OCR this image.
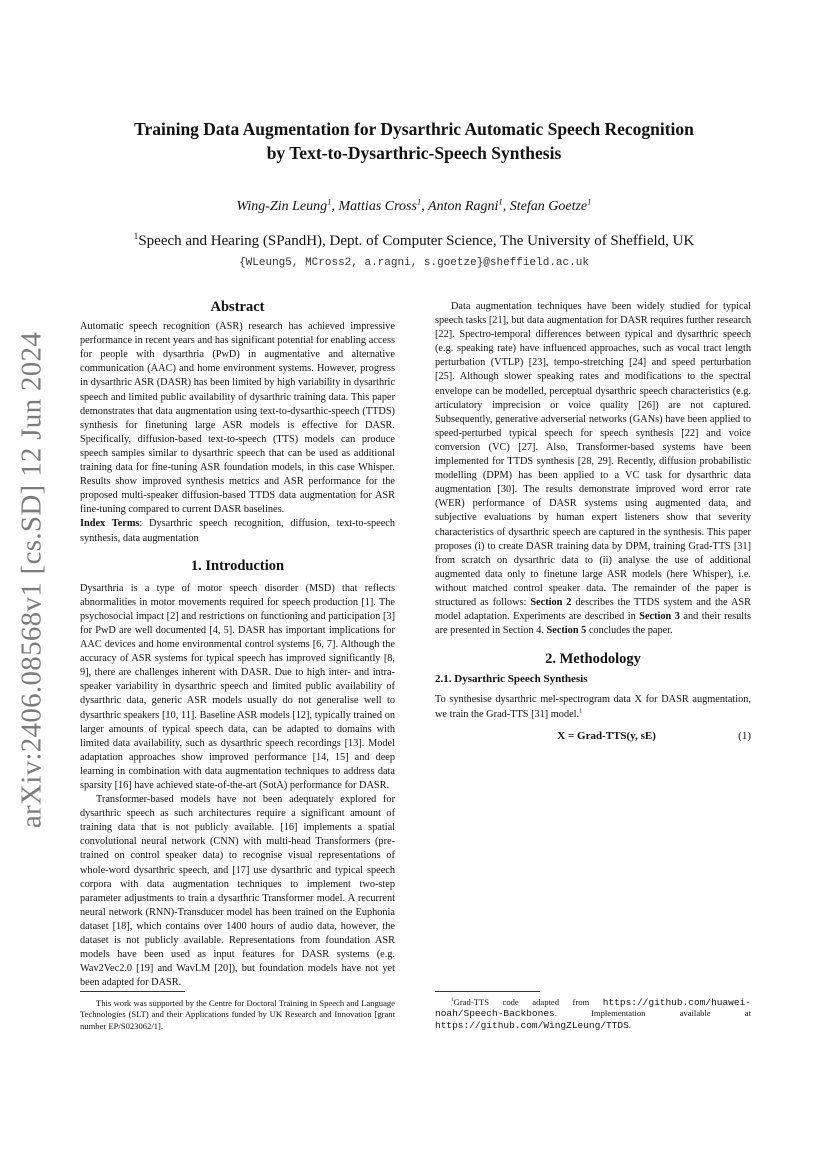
arXiv:2406.08568v1 [cs.SD] 12 Jun 2024
Training Data Augmentation for Dysarthric Automatic Speech Recognition
by Text-to-Dysarthric-Speech Synthesis
Wing-Zin Leung$^1$, Mattias Cross$^1$, Anton Ragni$^1$, Stefan Goetze$^1$
$^1$Speech and Hearing (SPandH), Dept. of Computer Science, The University of Sheffield, UK
{WLeung5, MCross2, a.ragni, s.goetze}@sheffield.ac.uk
Abstract

Automatic speech recognition (ASR) research has achieved impressive performance in recent years and has significant potential for enabling access for people with dysarthria (PwD) in augmentative and alternative communication (AAC) and home environment systems. However, progress in dysarthric ASR (DASR) has been limited by high variability in dysarthric speech and limited public availability of dysarthric training data. This paper demonstrates that data augmentation using text-to-dysarthic-speech (TTDS) synthesis for finetuning large ASR models is effective for DASR. Specifically, diffusion-based text-to-speech (TTS) models can produce speech samples similar to dysarthric speech that can be used as additional training data for fine-tuning ASR foundation models, in this case Whisper. Results show improved synthesis metrics and ASR performance for the proposed multi-speaker diffusion-based TTDS data augmentation for ASR fine-tuning compared to current DASR baselines.

Index Terms: Dysarthric speech recognition, diffusion, text-to-speech synthesis, data augmentation

1. Introduction

Dysarthria is a type of motor speech disorder (MSD) that reflects abnormalities in motor movements required for speech production [1]. The psychosocial impact [2] and restrictions on functioning and participation [3] for PwD are well documented [4, 5]. DASR has important implications for AAC devices and home environmental control systems [6, 7]. Although the accuracy of ASR systems for typical speech has improved significantly [8, 9], there are challenges inherent with DASR. Due to high inter- and intra-speaker variability in dysarthric speech and limited public availability of dysarthric data, generic ASR models usually do not generalise well to dysarthric speakers [10, 11]. Baseline ASR models [12], typically trained on larger amounts of typical speech data, can be adapted to domains with limited data availability, such as dysarthric speech recordings [13]. Model adaptation approaches show improved performance [14, 15] and deep learning in combination with data augmentation techniques to address data sparsity [16] have achieved state-of-the-art (SotA) performance for DASR.

Transformer-based models have not been adequately explored for dysarthric speech as such architectures require a significant amount of training data that is not publicly available. [16] implements a spatial convolutional neural network (CNN) with multi-head Transformers (pre-trained on control speaker data) to recognise visual representations of whole-word dysarthric speech, and [17] use dysarthric and typical speech corpora with data augmentation techniques to implement two-step parameter adjustments to train a dysarthric Transformer model. A recurrent neural network (RNN)-Transducer model has been trained on the Euphonia dataset [18], which contains over 1400 hours of audio data, however, the dataset is not publicly available. Representations from foundation ASR models have been used as input features for DASR systems (e.g. Wav2Vec2.0 [19] and WavLM [20]), but foundation models have not yet been adapted for DASR.

This work was supported by the Centre for Doctoral Training in Speech and Language Technologies (SLT) and their Applications funded by UK Research and Innovation [grant number EP/S023062/1].

Data augmentation techniques have been widely studied for typical speech tasks [21], but data augmentation for DASR requires further research [22]. Spectro-temporal differences between typical and dysarthric speech (e.g. speaking rate) have influenced approaches, such as vocal tract length perturbation (VTLP) [23], tempo-stretching [24] and speed perturbation [25]. Although slower speaking rates and modifications to the spectral envelope can be modelled, perceptual dysarthric speech characteristics (e.g. articulatory imprecision or voice quality [26]) are not captured. Subsequently, generative adverserial networks (GANs) have been applied to speed-perturbed typical speech for speech synthesis [22] and voice conversion (VC) [27]. Also, Transformer-based systems have been implemented for TTDS synthesis [28, 29]. Recently, diffusion probabilistic modelling (DPM) has been applied to a VC task for dysarthric data augmentation [30]. The results demonstrate improved word error rate (WER) performance of DASR systems using augmented data, and subjective evaluations by human expert listeners show that severity characteristics of dysarthric speech are captured in the synthesis. This paper proposes (i) to create DASR training data by DPM, training Grad-TTS [31] from scratch on dysarthric data to (ii) analyse the use of additional augmented data only to finetune large ASR models (here Whisper), i.e. without matched control speaker data. The remainder of the paper is structured as follows: Section 2 describes the TTDS system and the ASR model adaptation. Experiments are described in Section 3 and their results are presented in Section 4. Section 5 concludes the paper.

2. Methodology
2.1. Dysarthric Speech Synthesis

To synthesise dysarthric mel-spectrogram data X for DASR augmentation, we train the Grad-TTS [31] model.$^1$

X = Grad-TTS(y, sE)	(1)

$^1$Grad-TTS code adapted from https://github.com/huawei-noah/Speech-Backbones. Implementation available at https://github.com/WingZLeung/TTDS.
